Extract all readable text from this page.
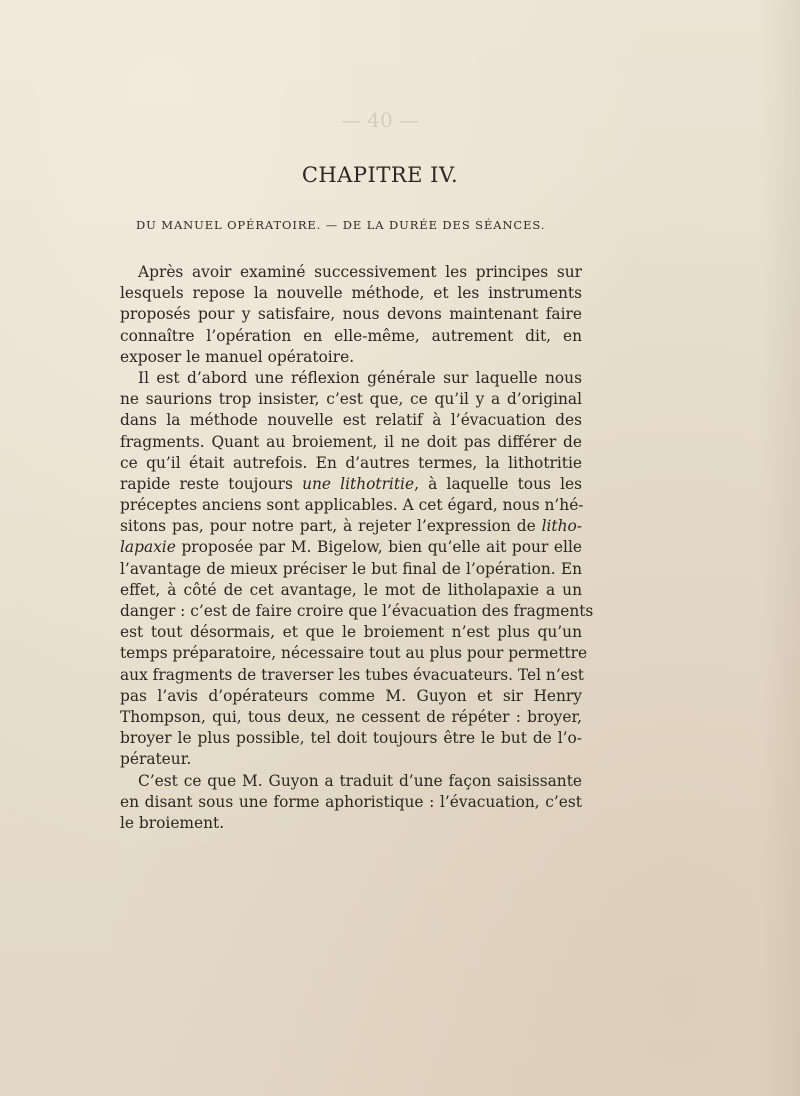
— 40 —
CHAPITRE IV.
DU MANUEL OPÉRATOIRE. — DE LA DURÉE DES SÉANCES.
Après avoir examiné successivement les principes sur
lesquels repose la nouvelle méthode, et les instruments
proposés pour y satisfaire, nous devons maintenant faire
connaître l’opération en elle-même, autrement dit, en
exposer le manuel opératoire.
Il est d’abord une réflexion générale sur laquelle nous
ne saurions trop insister, c’est que, ce qu’il y a d’original
dans la méthode nouvelle est relatif à l’évacuation des
fragments. Quant au broiement, il ne doit pas différer de
ce qu’il était autrefois. En d’autres termes, la lithotritie
rapide reste toujours une lithotritie, à laquelle tous les
préceptes anciens sont applicables. A cet égard, nous n’hé-
sitons pas, pour notre part, à rejeter l’expression de litho-
lapaxie proposée par M. Bigelow, bien qu’elle ait pour elle
l’avantage de mieux préciser le but final de l’opération. En
effet, à côté de cet avantage, le mot de litholapaxie a un
danger : c’est de faire croire que l’évacuation des fragments
est tout désormais, et que le broiement n’est plus qu’un
temps préparatoire, nécessaire tout au plus pour permettre
aux fragments de traverser les tubes évacuateurs. Tel n’est
pas l’avis d’opérateurs comme M. Guyon et sir Henry
Thompson, qui, tous deux, ne cessent de répéter : broyer,
broyer le plus possible, tel doit toujours être le but de l’o-
pérateur.
C’est ce que M. Guyon a traduit d’une façon saisissante
en disant sous une forme aphoristique : l’évacuation, c’est
le broiement.
